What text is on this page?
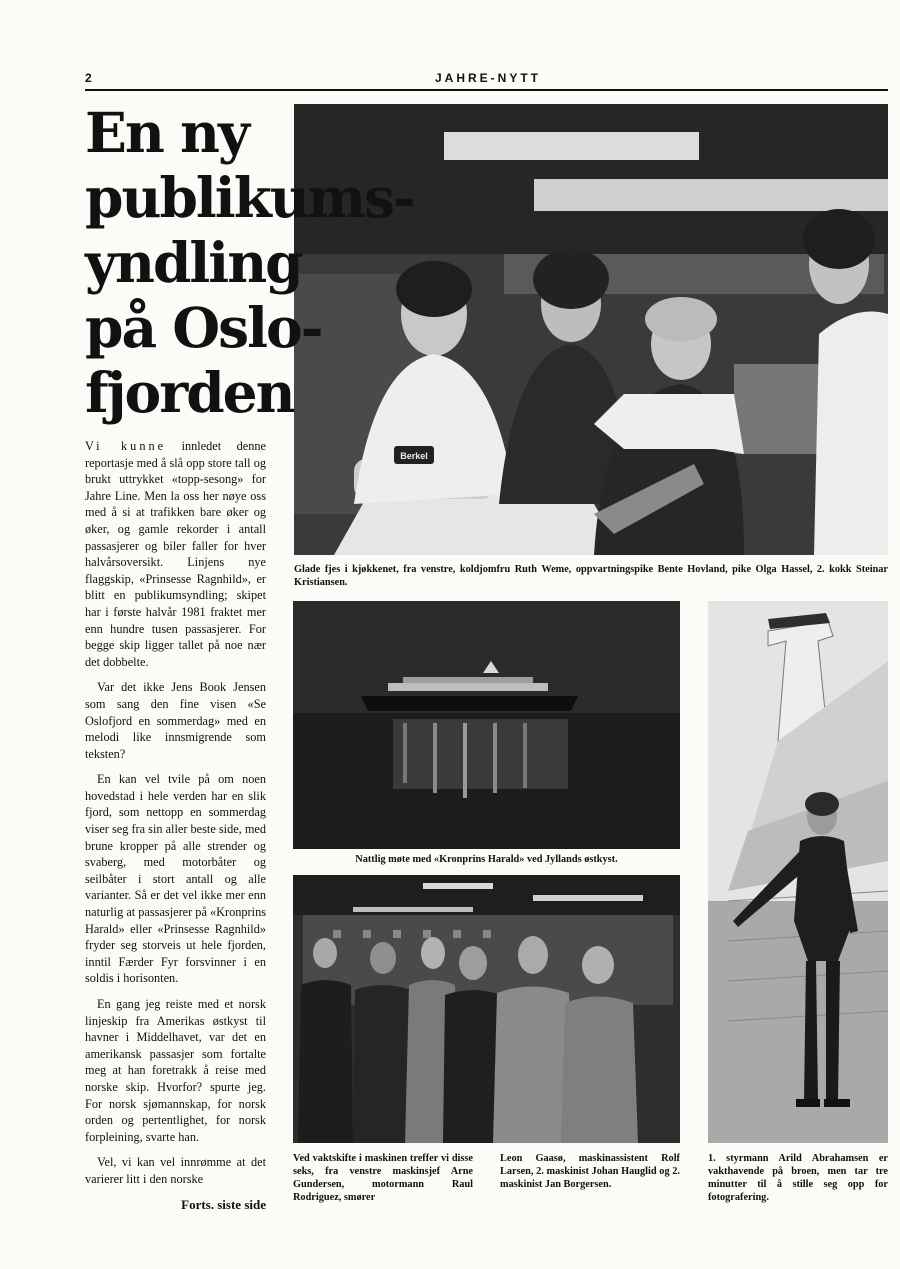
2	JAHRE-NYTT
En ny
publikums-
yndling
på Oslo-
fjorden

Vi kunne innledet denne reportasje med å slå opp store tall og brukt uttrykket «topp-sesong» for Jahre Line. Men la oss her nøye oss med å si at trafikken bare øker og øker, og gamle rekorder i antall passasjerer og biler faller for hver halvårsoversikt. Linjens nye flaggskip, «Prinsesse Ragnhild», er blitt en publikumsyndling; skipet har i første halvår 1981 fraktet mer enn hundre tusen passasjerer. For begge skip ligger tallet på noe nær det dobbelte.

Var det ikke Jens Book Jensen som sang den fine visen «Se Oslofjord en sommerdag» med en melodi like innsmigrende som teksten?

En kan vel tvile på om noen hovedstad i hele verden har en slik fjord, som nettopp en sommerdag viser seg fra sin aller beste side, med brune kropper på alle strender og svaberg, med motorbåter og seilbåter i stort antall og alle varianter. Så er det vel ikke mer enn naturlig at passasjerer på «Kronprins Harald» eller «Prinsesse Ragnhild» fryder seg storveis ut hele fjorden, inntil Færder Fyr forsvinner i en soldis i horisonten.

En gang jeg reiste med et norsk linjeskip fra Amerikas østkyst til havner i Middelhavet, var det en amerikansk passasjer som fortalte meg at han foretrakk å reise med norske skip. Hvorfor? spurte jeg. For norsk sjømannskap, for norsk orden og pertentlighet, for norsk forpleining, svarte han.

Vel, vi kan vel innrømme at det varierer litt i den norske

Forts. siste side

Berkel
Glade fjes i kjøkkenet, fra venstre, koldjomfru Ruth Weme, oppvartningspike Bente Hovland, pike Olga Hassel, 2. kokk Steinar Kristiansen.
Nattlig møte med «Kronprins Harald» ved Jyllands østkyst.
Ved vaktskifte i maskinen treffer vi disse seks, fra venstre maskinsjef Arne Gundersen, motormann Raul Rodriguez, smører
Leon Gaasø, maskinassistent Rolf Larsen, 2. maskinist Johan Hauglid og 2. maskinist Jan Borgersen.
1. styrmann Arild Abrahamsen er vakthavende på broen, men tar tre minutter til å stille seg opp for fotografering.
